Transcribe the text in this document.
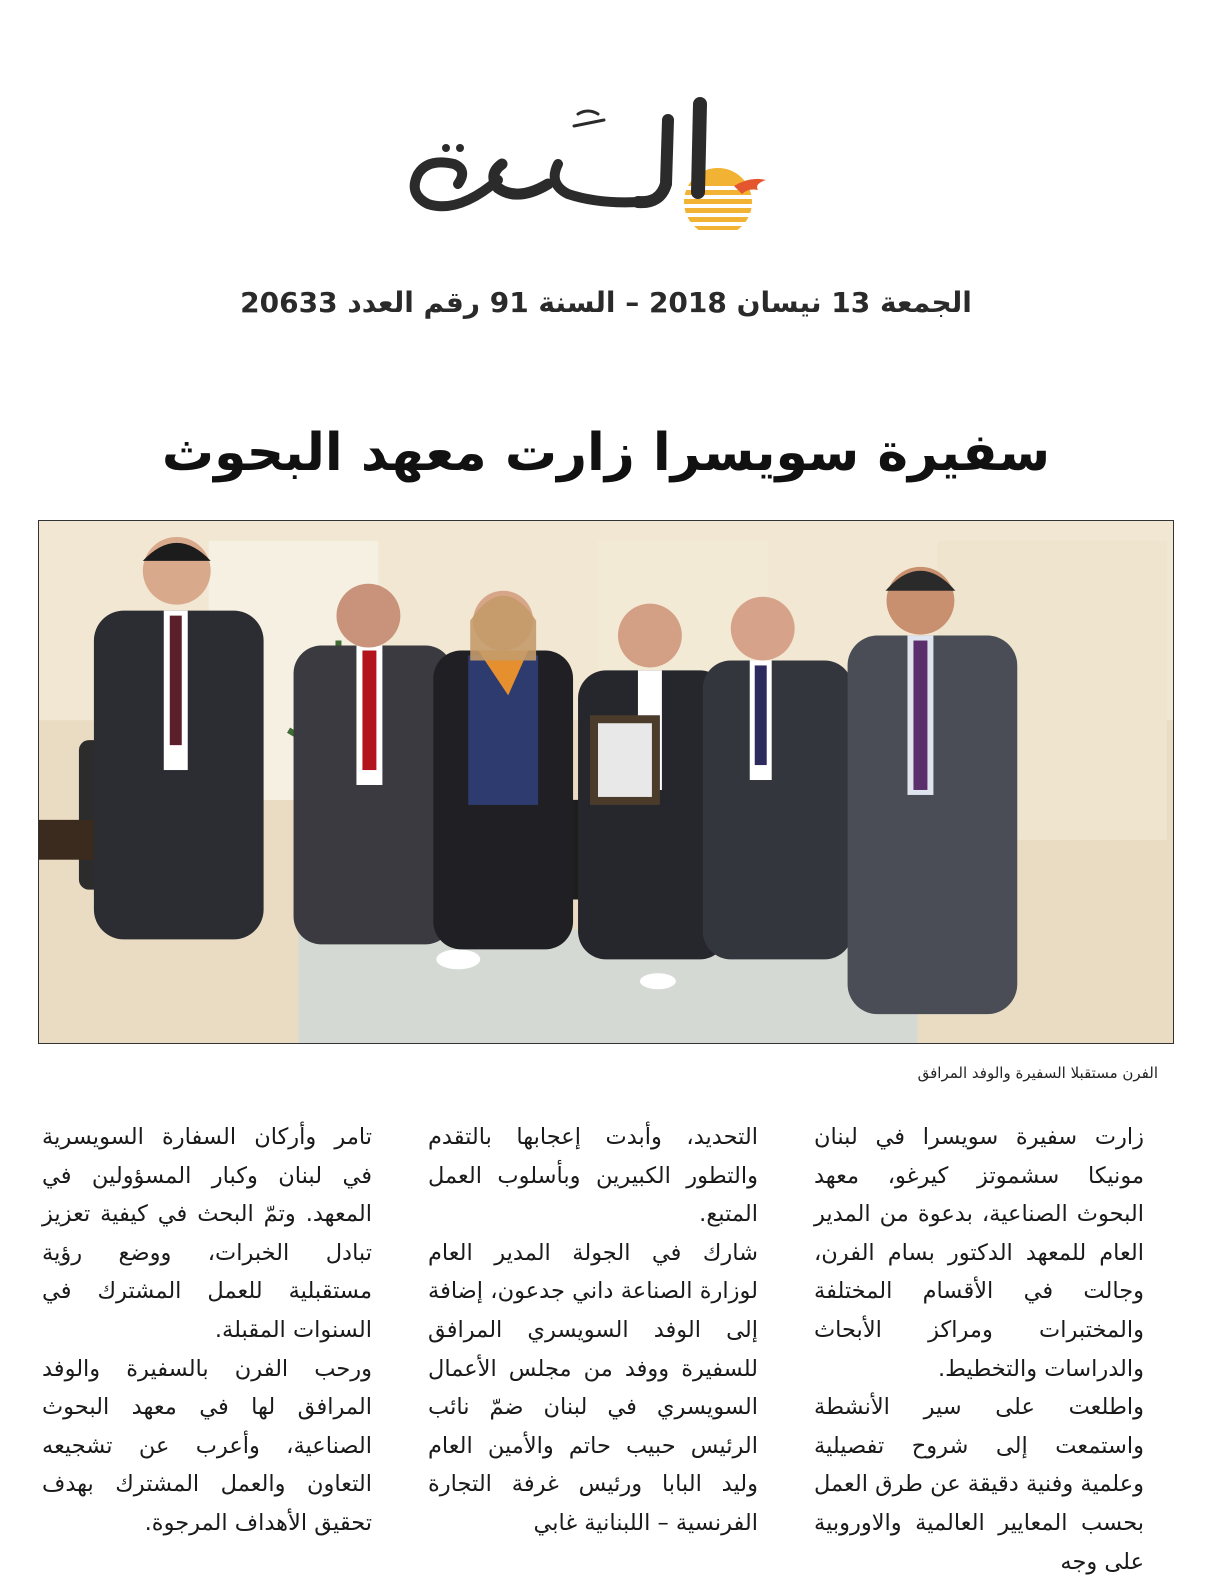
الجمعة 13 نيسان 2018 – السنة 91 رقم العدد 20633
سفيرة سويسرا زارت معهد البحوث
الفرن مستقبلا السفيرة والوفد المرافق

زارت سفيرة سويسرا في لبنان مونيكا سشموتز كيرغو، معهد البحوث الصناعية، بدعوة من المدير العام للمعهد الدكتور بسام الفرن، وجالت في الأقسام المختلفة والمختبرات ومراكز الأبحاث والدراسات والتخطيط.

واطلعت على سير الأنشطة واستمعت إلى شروح تفصيلية وعلمية وفنية دقيقة عن طرق العمل بحسب المعايير العالمية والاوروبية على وجه

التحديد، وأبدت إعجابها بالتقدم والتطور الكبيرين وبأسلوب العمل المتبع.

شارك في الجولة المدير العام لوزارة الصناعة داني جدعون، إضافة إلى الوفد السويسري المرافق للسفيرة ووفد من مجلس الأعمال السويسري في لبنان ضمّ نائب الرئيس حبيب حاتم والأمين العام وليد البابا ورئيس غرفة التجارة الفرنسية – اللبنانية غابي

تامر وأركان السفارة السويسرية في لبنان وكبار المسؤولين في المعهد. وتمّ البحث في كيفية تعزيز تبادل الخبرات، ووضع رؤية مستقبلية للعمل المشترك في السنوات المقبلة.

ورحب الفرن بالسفيرة والوفد المرافق لها في معهد البحوث الصناعية، وأعرب عن تشجيعه التعاون والعمل المشترك بهدف تحقيق الأهداف المرجوة.
